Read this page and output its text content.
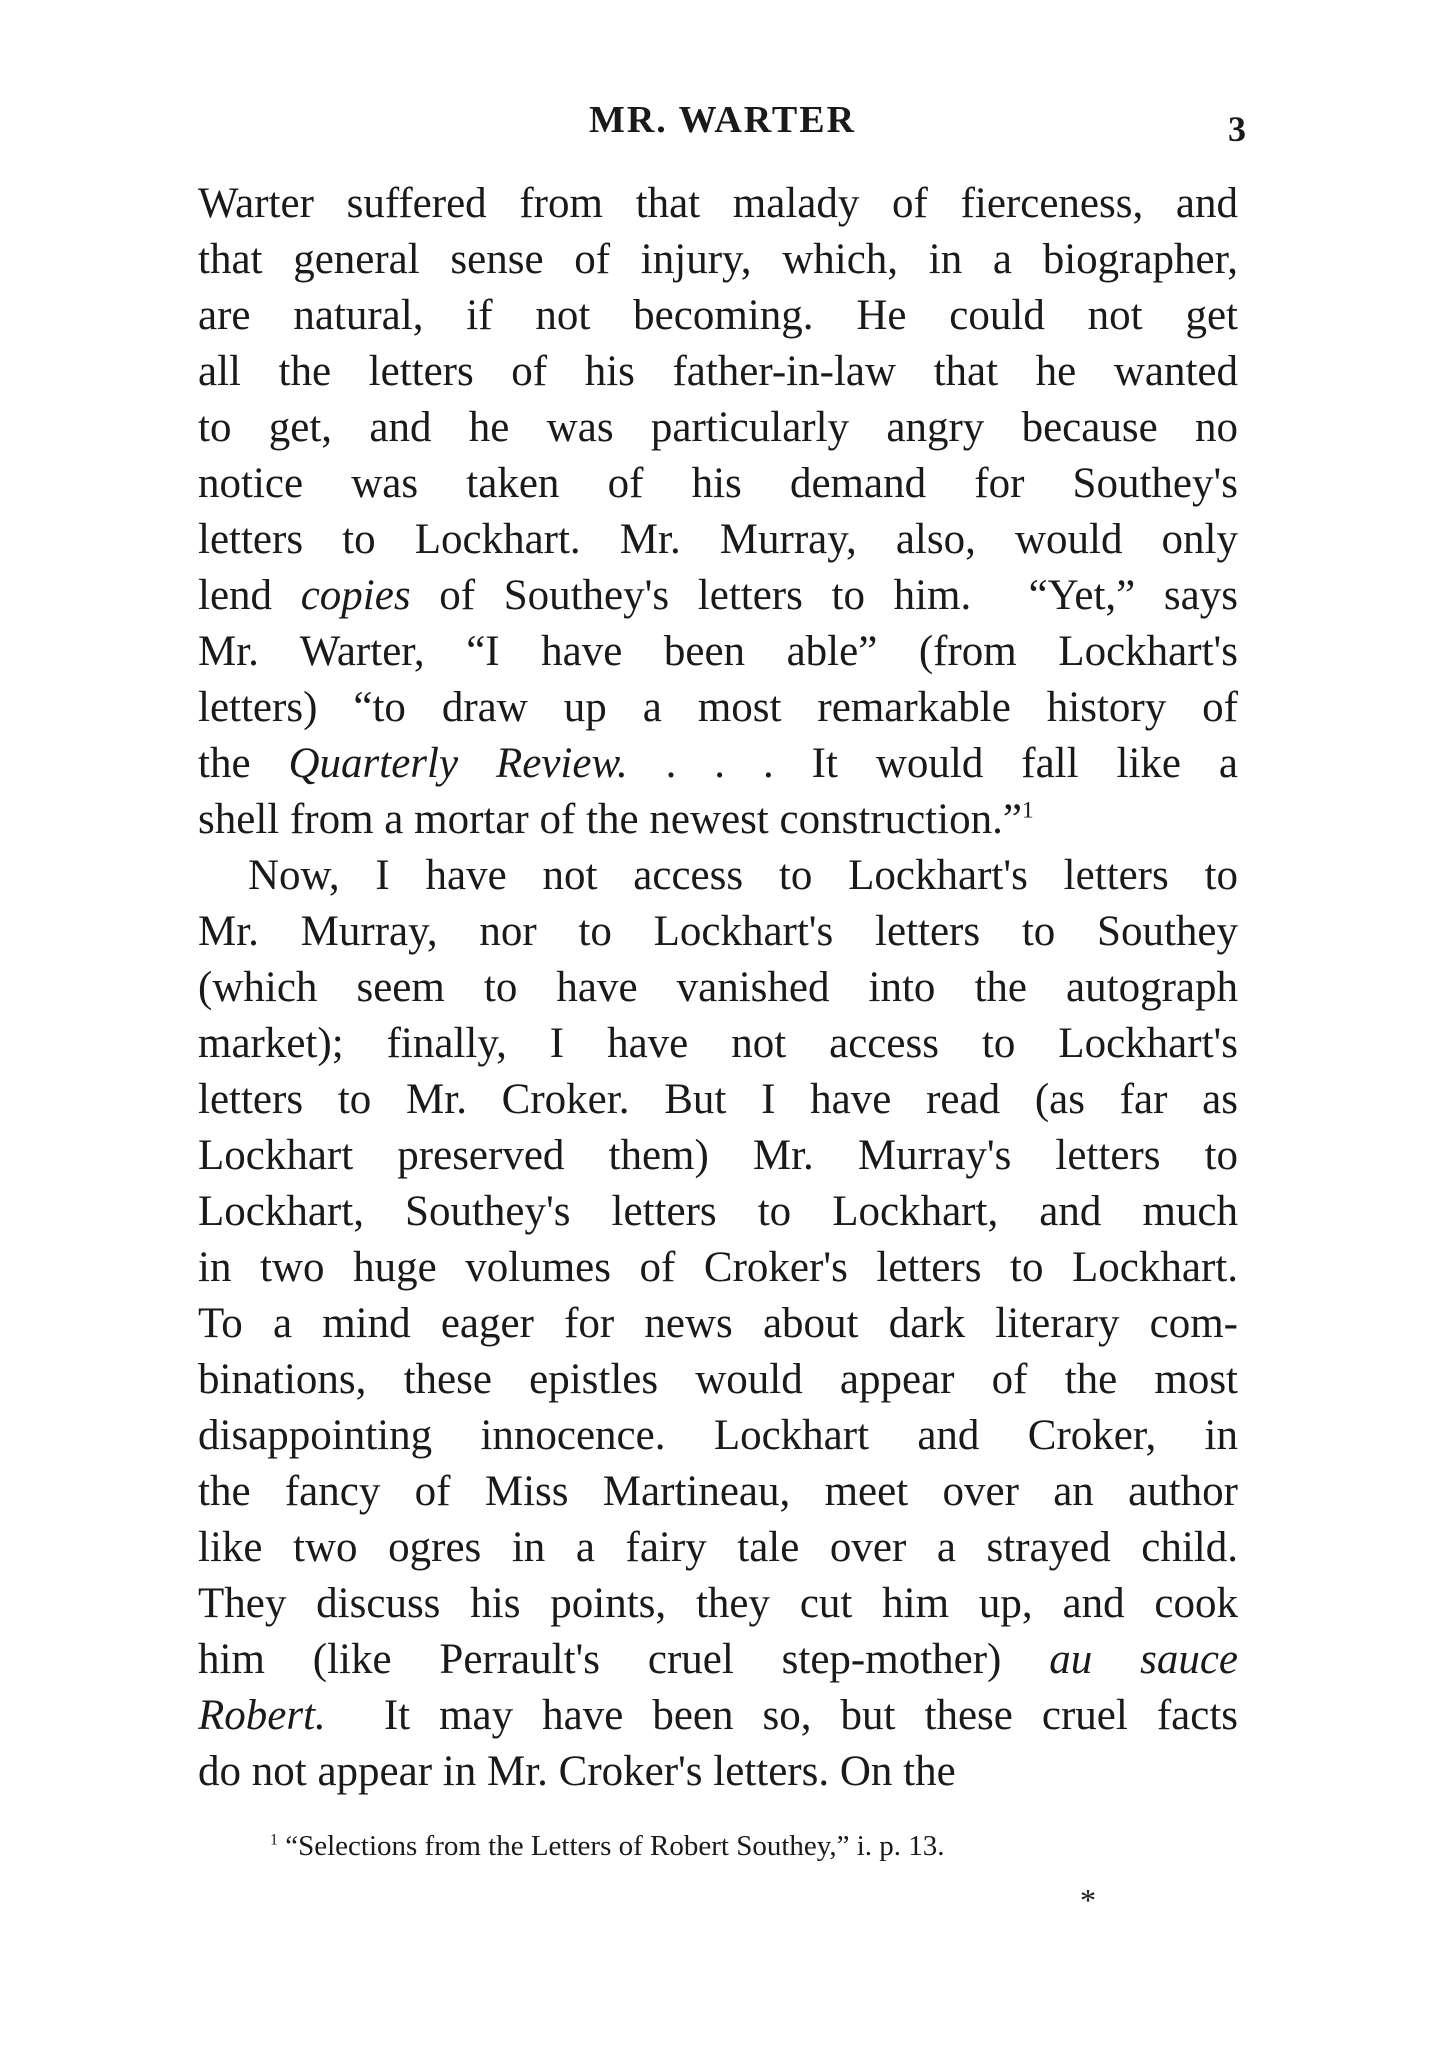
MR. WARTER	3
Warter suffered from that malady of fierceness, and
that general sense of injury, which, in a biographer,
are natural, if not becoming. He could not get
all the letters of his father-in-law that he wanted
to get, and he was particularly angry because no
notice was taken of his demand for Southey's
letters to Lockhart. Mr. Murray, also, would only
lend copies of Southey's letters to him.  “Yet,” says
Mr. Warter, “I have been able” (from Lockhart's
letters) “to draw up a most remarkable history of
the Quarterly Review. . . . It would fall like a
shell from a mortar of the newest construction.”$^1$
Now, I have not access to Lockhart's letters to
Mr. Murray, nor to Lockhart's letters to Southey
(which seem to have vanished into the autograph
market); finally, I have not access to Lockhart's
letters to Mr. Croker. But I have read (as far as
Lockhart preserved them) Mr. Murray's letters to
Lockhart, Southey's letters to Lockhart, and much
in two huge volumes of Croker's letters to Lockhart.
To a mind eager for news about dark literary com-
binations, these epistles would appear of the most
disappointing innocence. Lockhart and Croker, in
the fancy of Miss Martineau, meet over an author
like two ogres in a fairy tale over a strayed child.
They discuss his points, they cut him up, and cook
him (like Perrault's cruel step-mother) au sauce
Robert.  It may have been so, but these cruel facts
do not appear in Mr. Croker's letters. On the
$^1$ “Selections from the Letters of Robert Southey,” i. p. 13.
*
